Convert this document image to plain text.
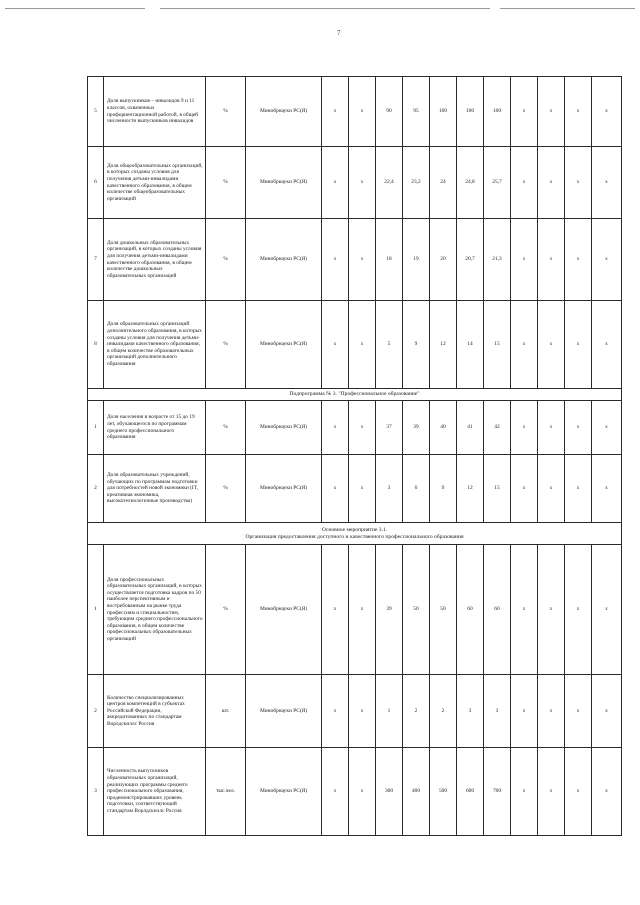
7
5	Доля выпускников – инвалидов 9 и 11 классов, охваченных профориентационной работой, в общей численности выпускников инвалидов	%	Минобрнауки РС(Я)	х	х	90	95	100	100	100	х	х	х	х
6	Доля общеобразовательных организаций, в которых созданы условия для получения детьми-инвалидами качественного образования, в общем количестве общеобразовательных организаций	%	Минобрнауки РС(Я)	х	х	22,4	23,2	24	24,8	25,7	х	х	х	х
7	Доля дошкольных образовательных организаций, в которых созданы условия для получения детьми-инвалидами качественного образования, в общем количестве дошкольных образовательных организаций	%	Минобрнауки РС(Я)	х	х	18	19	20	20,7	21,3	х	х	х	х
8	Доля образовательных организаций дополнительного образования, в которых созданы условия для получения детьми-инвалидами качественного образования, в общем количестве образовательных организаций дополнительного образования	%	Минобрнауки РС(Я)	х	х	5	9	12	14	15	х	х	х	х
Подпрограмма № 3. "Профессиональное образование"														
1	Доля населения в возрасте от 15 до 19 лет, обучающегося по программам среднего профессионального образования	%	Минобрнауки РС(Я)	х	х	37	39	40	41	42	х	х	х	х
2	Доля образовательных учреждений, обучающих по программам подготовки для потребностей новой экономики (IT, креативная экономика, высокотехнологичные производства)	%	Минобрнауки РС(Я)	х	х	3	6	9	12	15	х	х	х	х

Основное мероприятие 3.1.
Организация предоставления доступного и качественного профессионального образования														

1	Доля профессиональных образовательных организаций, в которых осуществляется подготовка кадров по 50 наиболее перспективным и востребованным на рынке труда профессиям и специальностям, требующим среднего профессионального образования, в общем количестве профессиональных образовательных организаций	%	Минобрнауки РС(Я)	х	х	39	50	50	60	60	х	х	х	х
2	Количество специализированных центров компетенций в субъектах Российской Федерации, аккредитованных по стандартам Ворлдскиллс Россия	шт.	Минобрнауки РС(Я)	х	х	1	2	2	3	3	х	х	х	х
3	Численность выпускников образовательных организаций, реализующих программы среднего профессионального образования, продемонстрировавших уровень подготовки, соответствующий стандартам Ворлдскиллс Россия	тыс.чел.	Минобрнауки РС(Я)	х	х	300	400	500	600	700	х	х	х	х
